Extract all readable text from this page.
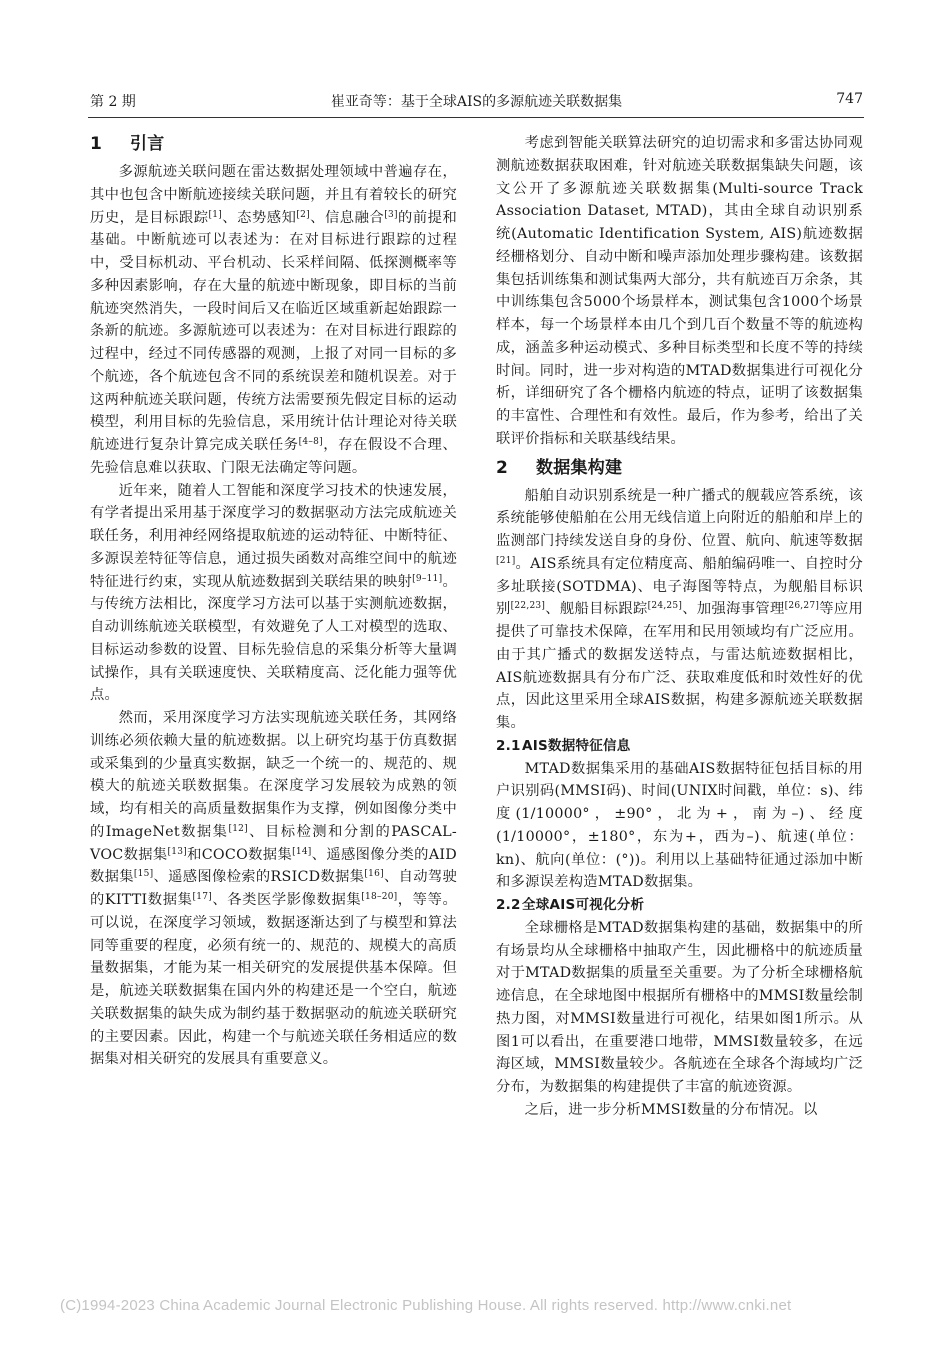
第 2 期	崔亚奇等：基于全球AIS的多源航迹关联数据集	747
1 引言

多源航迹关联问题在雷达数据处理领域中普遍存在，其中也包含中断航迹接续关联问题，并且有着较长的研究历史，是目标跟踪[1]、态势感知[2]、信息融合[3]的前提和基础。中断航迹可以表述为：在对目标进行跟踪的过程中，受目标机动、平台机动、长采样间隔、低探测概率等多种因素影响，存在大量的航迹中断现象，即目标的当前航迹突然消失，一段时间后又在临近区域重新起始跟踪一条新的航迹。多源航迹可以表述为：在对目标进行跟踪的过程中，经过不同传感器的观测，上报了对同一目标的多个航迹，各个航迹包含不同的系统误差和随机误差。对于这两种航迹关联问题，传统方法需要预先假定目标的运动模型，利用目标的先验信息，采用统计估计理论对待关联航迹进行复杂计算完成关联任务[4–8]，存在假设不合理、先验信息难以获取、门限无法确定等问题。

近年来，随着人工智能和深度学习技术的快速发展，有学者提出采用基于深度学习的数据驱动方法完成航迹关联任务，利用神经网络提取航迹的运动特征、中断特征、多源误差特征等信息，通过损失函数对高维空间中的航迹特征进行约束，实现从航迹数据到关联结果的映射[9–11]。与传统方法相比，深度学习方法可以基于实测航迹数据，自动训练航迹关联模型，有效避免了人工对模型的选取、目标运动参数的设置、目标先验信息的采集分析等大量调试操作，具有关联速度快、关联精度高、泛化能力强等优点。

然而，采用深度学习方法实现航迹关联任务，其网络训练必须依赖大量的航迹数据。以上研究均基于仿真数据或采集到的少量真实数据，缺乏一个统一的、规范的、规模大的航迹关联数据集。在深度学习发展较为成熟的领域，均有相关的高质量数据集作为支撑，例如图像分类中的ImageNet数据集[12]、目标检测和分割的PASCAL-VOC数据集[13]和COCO数据集[14]、遥感图像分类的AID数据集[15]、遥感图像检索的RSICD数据集[16]、自动驾驶的KITTI数据集[17]、各类医学影像数据集[18–20]，等等。可以说，在深度学习领域，数据逐渐达到了与模型和算法同等重要的程度，必须有统一的、规范的、规模大的高质量数据集，才能为某一相关研究的发展提供基本保障。但是，航迹关联数据集在国内外的构建还是一个空白，航迹关联数据集的缺失成为制约基于数据驱动的航迹关联研究的主要因素。因此，构建一个与航迹关联任务相适应的数据集对相关研究的发展具有重要意义。

考虑到智能关联算法研究的迫切需求和多雷达协同观测航迹数据获取困难，针对航迹关联数据集缺失问题，该文公开了多源航迹关联数据集(Multi-source Track Association Dataset, MTAD)，其由全球自动识别系统(Automatic Identification System, AIS)航迹数据经栅格划分、自动中断和噪声添加处理步骤构建。该数据集包括训练集和测试集两大部分，共有航迹百万余条，其中训练集包含5000个场景样本，测试集包含1000个场景样本，每一个场景样本由几个到几百个数量不等的航迹构成，涵盖多种运动模式、多种目标类型和长度不等的持续时间。同时，进一步对构造的MTAD数据集进行可视化分析，详细研究了各个栅格内航迹的特点，证明了该数据集的丰富性、合理性和有效性。最后，作为参考，给出了关联评价指标和关联基线结果。

2 数据集构建

船舶自动识别系统是一种广播式的舰载应答系统，该系统能够使船舶在公用无线信道上向附近的船舶和岸上的监测部门持续发送自身的身份、位置、航向、航速等数据[21]。AIS系统具有定位精度高、船舶编码唯一、自控时分多址联接(SOTDMA)、电子海图等特点，为舰船目标识别[22,23]、舰船目标跟踪[24,25]、加强海事管理[26,27]等应用提供了可靠技术保障，在军用和民用领域均有广泛应用。由于其广播式的数据发送特点，与雷达航迹数据相比，AIS航迹数据具有分布广泛、获取难度低和时效性好的优点，因此这里采用全球AIS数据，构建多源航迹关联数据集。

2.1AIS数据特征信息

MTAD数据集采用的基础AIS数据特征包括目标的用户识别码(MMSI码)、时间(UNIX时间戳，单位：s)、纬度(1/10000°，±90°，北为+，南为–)、经度(1/10000°，±180°，东为+，西为–)、航速(单位：kn)、航向(单位：(°))。利用以上基础特征通过添加中断和多源误差构造MTAD数据集。

2.2全球AIS可视化分析

全球栅格是MTAD数据集构建的基础，数据集中的所有场景均从全球栅格中抽取产生，因此栅格中的航迹质量对于MTAD数据集的质量至关重要。为了分析全球栅格航迹信息，在全球地图中根据所有栅格中的MMSI数量绘制热力图，对MMSI数量进行可视化，结果如图1所示。从图1可以看出，在重要港口地带，MMSI数量较多，在远海区域，MMSI数量较少。各航迹在全球各个海域均广泛分布，为数据集的构建提供了丰富的航迹资源。

之后，进一步分析MMSI数量的分布情况。以

(C)1994-2023 China Academic Journal Electronic Publishing House. All rights reserved. http://www.cnki.net
